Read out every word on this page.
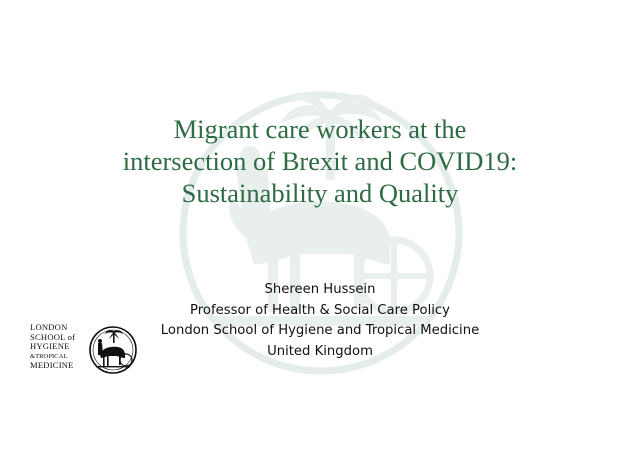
Migrant care workers at the
intersection of Brexit and COVID19:
Sustainability and Quality
Shereen Hussein
Professor of Health & Social Care Policy
London School of Hygiene and Tropical Medicine
United Kingdom
LONDON
SCHOOL of
HYGIENE
&TROPICAL
MEDICINE
